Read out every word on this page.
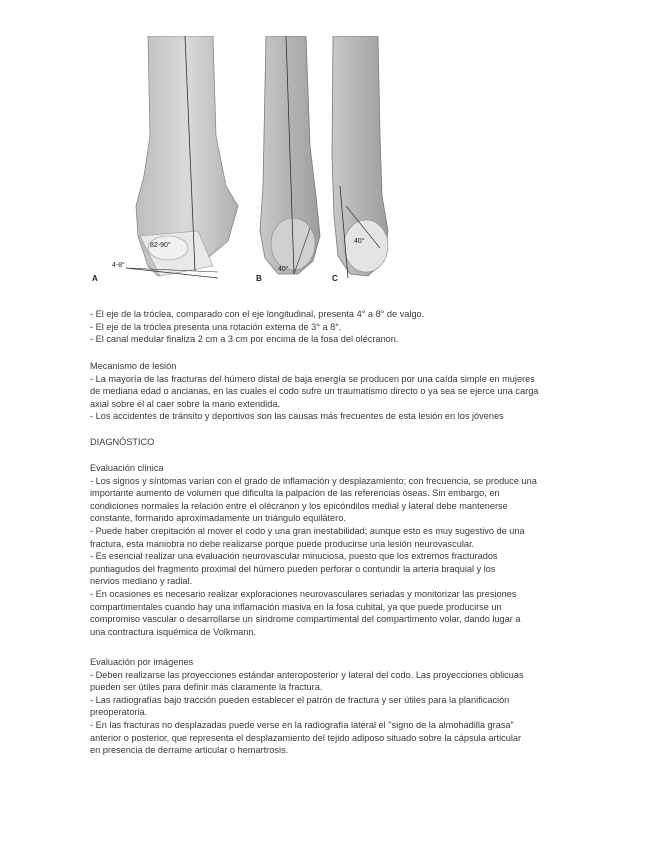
A	B	C
82-90°
4-8°
40°
40°
- El eje de la tróclea, comparado con el eje longitudinal, presenta 4° a 8° de valgo.
- El eje de la tróclea presenta una rotación externa de 3° a 8°.
- El canal medular finaliza 2 cm a 3 cm por encima de la fosa del olécranon.
Mecanismo de lesión
- La mayoría de las fracturas del húmero distal de baja energía se producen por una caída simple en mujeres
de mediana edad o ancianas, en las cuales el codo sufre un traumatismo directo o ya sea se ejerce una carga
axial sobre él al caer sobre la mano extendida.
- Los accidentes de tránsito y deportivos son las causas más frecuentes de esta lesión en los jóvenes
DIAGNÓSTICO
Evaluación clínica
- Los signos y síntomas varían con el grado de inflamación y desplazamiento; con frecuencia, se produce una
importante aumento de volumen que dificulta la palpación de las referencias óseas. Sin embargo, en
condiciones normales la relación entre el olécranon y los epicóndilos medial y lateral debe mantenerse
constante, formando aproximadamente un triángulo equilátero.
- Puede haber crepitación al mover el codo y una gran inestabilidad; aunque esto es muy sugestivo de una
fractura, esta maniobra no debe realizarse porque puede producirse una lesión neurovascular.
- Es esencial realizar una evaluación neurovascular minuciosa, puesto que los extremos fracturados
puntiagudos del fragmento proximal del húmero pueden perforar o contundir la arteria braquial y los
nervios mediano y radial.
- En ocasiones es necesario realizar exploraciones neurovasculares seriadas y monitorizar las presiones
compartimentales cuando hay una inflamación masiva en la fosa cubital, ya que puede producirse un
compromiso vascular o desarrollarse un síndrome compartimental del compartimento volar, dando lugar a
una contractura isquémica de Volkmann.
Evaluación por imágenes
- Deben realizarse las proyecciones estándar anteroposterior y lateral del codo. Las proyecciones oblicuas
pueden ser útiles para definir más claramente la fractura.
- Las radiografías bajo tracción pueden establecer el patrón de fractura y ser útiles para la planificación
preoperatoria.
- En las fracturas no desplazadas puede verse en la radiografía lateral el "signo de la almohadilla grasa"
anterior o posterior, que representa el desplazamiento del tejido adiposo situado sobre la cápsula articular
en presencia de derrame articular o hemartrosis.
